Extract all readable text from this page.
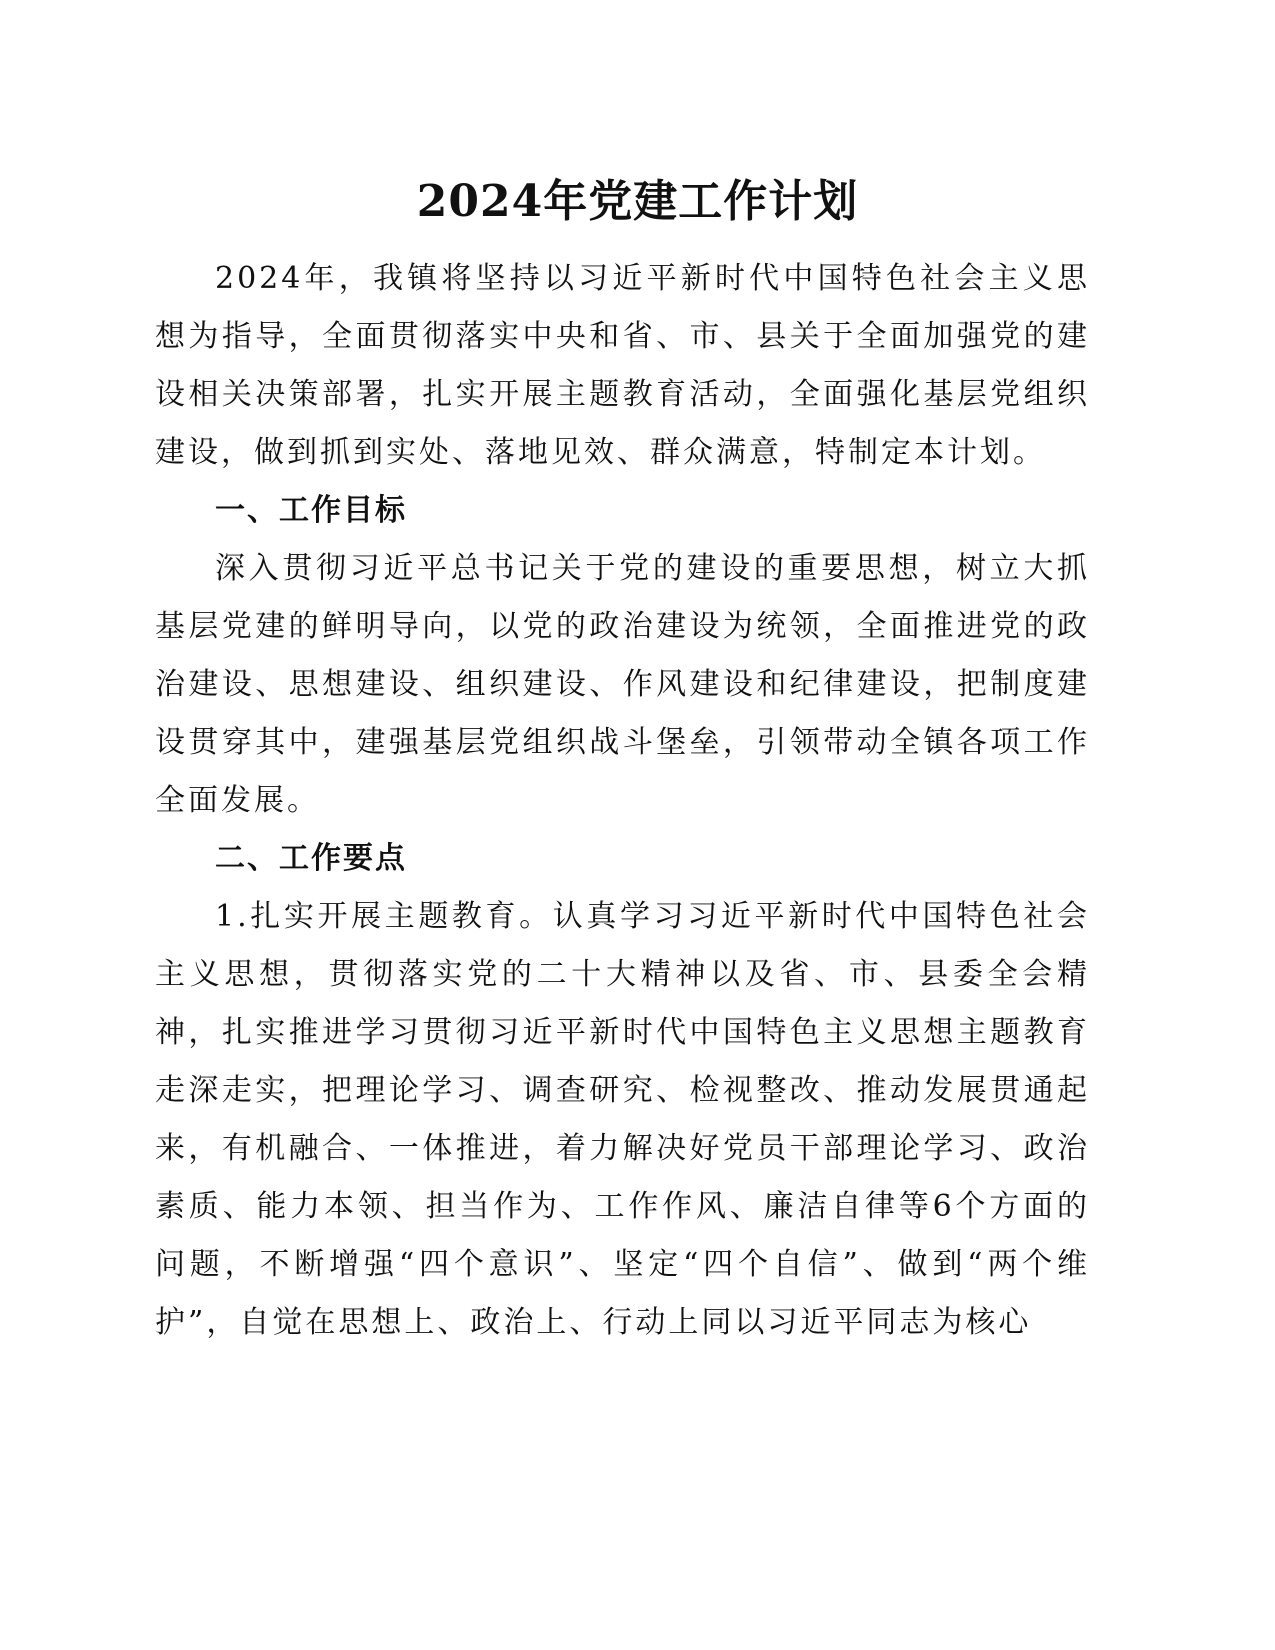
2024年党建工作计划

2024年，我镇将坚持以习近平新时代中国特色社会主义思想为指导，全面贯彻落实中央和省、市、县关于全面加强党的建设相关决策部署，扎实开展主题教育活动，全面强化基层党组织建设，做到抓到实处、落地见效、群众满意，特制定本计划。

一、工作目标

深入贯彻习近平总书记关于党的建设的重要思想，树立大抓基层党建的鲜明导向，以党的政治建设为统领，全面推进党的政治建设、思想建设、组织建设、作风建设和纪律建设，把制度建设贯穿其中，建强基层党组织战斗堡垒，引领带动全镇各项工作全面发展。

二、工作要点

1.扎实开展主题教育。认真学习习近平新时代中国特色社会主义思想，贯彻落实党的二十大精神以及省、市、县委全会精神，扎实推进学习贯彻习近平新时代中国特色主义思想主题教育走深走实，把理论学习、调查研究、检视整改、推动发展贯通起来，有机融合、一体推进，着力解决好党员干部理论学习、政治素质、能力本领、担当作为、工作作风、廉洁自律等6个方面的问题，不断增强“四个意识”、坚定“四个自信”、做到“两个维护”，自觉在思想上、政治上、行动上同以习近平同志为核心
